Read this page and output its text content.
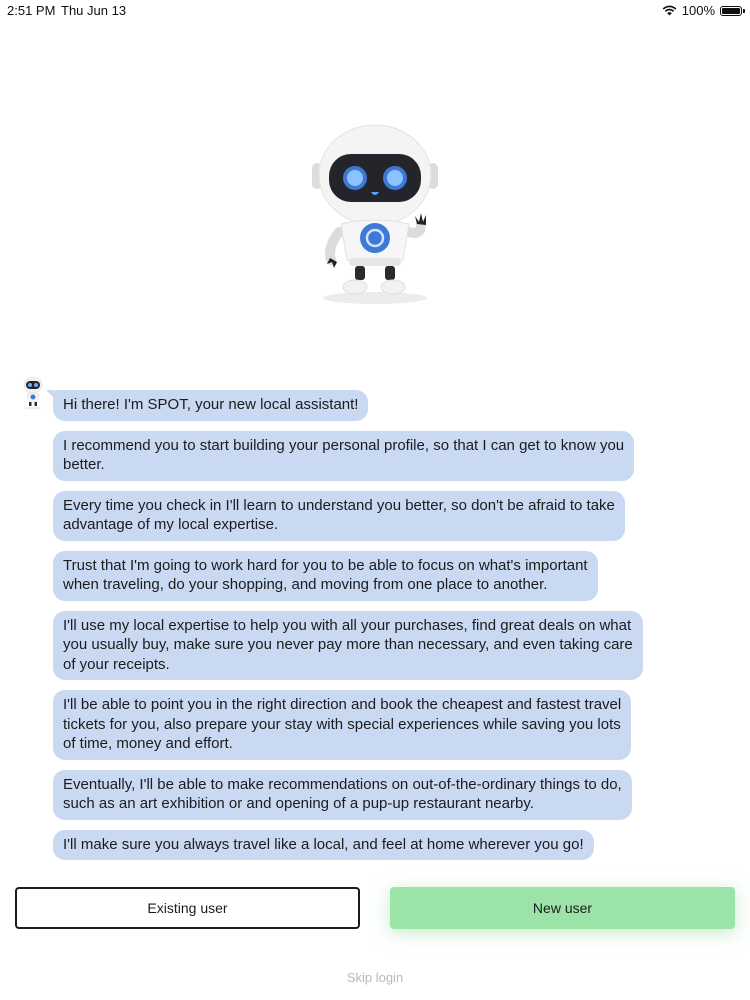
2:51 PM Thu Jun 13	100%
Hi there! I'm SPOT, your new local assistant!
I recommend you to start building your personal profile, so that I can get to know you
better.
Every time you check in I'll learn to understand you better, so don't be afraid to take
advantage of my local expertise.
Trust that I'm going to work hard for you to be able to focus on what's important
when traveling, do your shopping, and moving from one place to another.
I'll use my local expertise to help you with all your purchases, find great deals on what
you usually buy, make sure you never pay more than necessary, and even taking care
of your receipts.
I'll be able to point you in the right direction and book the cheapest and fastest travel
tickets for you, also prepare your stay with special experiences while saving you lots
of time, money and effort.
Eventually, I'll be able to make recommendations on out-of-the-ordinary things to do,
such as an art exhibition or and opening of a pup-up restaurant nearby.
I'll make sure you always travel like a local, and feel at home wherever you go!
Existing user	New user
Skip login
